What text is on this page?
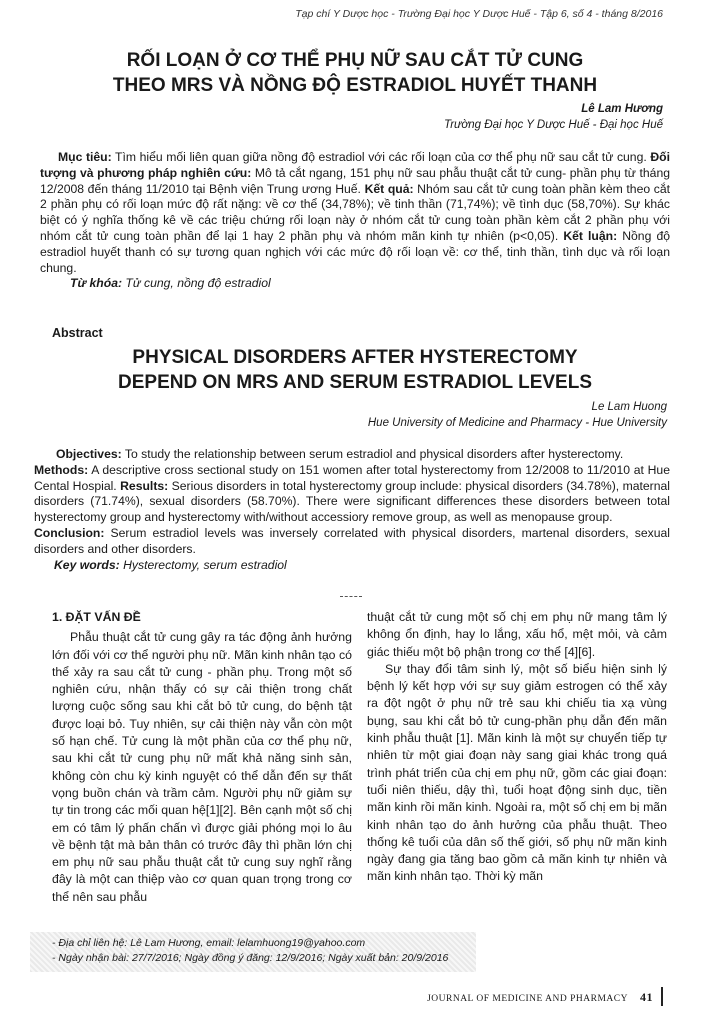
Tạp chí Y Dược học - Trường Đại học Y Dược Huế - Tập 6, số 4 - tháng 8/2016
RỐI LOẠN Ở CƠ THỂ PHỤ NỮ SAU CẮT TỬ CUNG
THEO MRS VÀ NỒNG ĐỘ ESTRADIOL HUYẾT THANH
Lê Lam Hương
Trường Đại học Y Dược Huế - Đại học Huế

Mục tiêu: Tìm hiểu mối liên quan giữa nồng độ estradiol với các rối loạn của cơ thể phụ nữ sau cắt tử cung. Đối tượng và phương pháp nghiên cứu: Mô tả cắt ngang, 151 phụ nữ sau phẫu thuật cắt tử cung- phần phụ từ tháng 12/2008 đến tháng 11/2010 tại Bệnh viện Trung ương Huế. Kết quả: Nhóm sau cắt tử cung toàn phần kèm theo cắt 2 phần phụ có rối loạn mức độ rất nặng: về cơ thể (34,78%); về tinh thần (71,74%); về tình dục (58,70%). Sự khác biệt có ý nghĩa thống kê về các triệu chứng rối loạn này ở nhóm cắt tử cung toàn phần kèm cắt 2 phần phụ với nhóm cắt tử cung toàn phần để lại 1 hay 2 phần phụ và nhóm mãn kinh tự nhiên (p<0,05). Kết luận: Nồng độ estradiol huyết thanh có sự tương quan nghịch với các mức độ rối loạn về: cơ thể, tinh thần, tình dục và rối loạn chung.

Từ khóa: Tử cung, nồng độ estradiol

Abstract
PHYSICAL DISORDERS AFTER HYSTERECTOMY
DEPEND ON MRS AND SERUM ESTRADIOL LEVELS
Le Lam Huong
Hue University of Medicine and Pharmacy - Hue University

Objectives: To study the relationship between serum estradiol and physical disorders after hysterectomy.

Methods: A descriptive cross sectional study on 151 women after total hysterectomy from 12/2008 to 11/2010 at Hue Cental Hospial. Results: Serious disorders in total hysterectomy group include: physical disorders (34.78%), maternal disorders (71.74%), sexual disorders (58.70%). There were significant differences these disorders between total hysterectomy group and hysterectomy with/without accessiory remove group, as well as menopause group.

Conclusion: Serum estradiol levels was inversely correlated with physical disorders, martenal disorders, sexual disorders and other disorders.

Key words: Hysterectomy, serum estradiol

1. ĐẶT VẤN ĐỀ

Phẫu thuật cắt tử cung gây ra tác động ảnh hưởng lớn đối với cơ thể người phụ nữ. Mãn kinh nhân tạo có thể xảy ra sau cắt tử cung - phần phụ. Trong một số nghiên cứu, nhận thấy có sự cải thiện trong chất lượng cuộc sống sau khi cắt bỏ tử cung, do bệnh tật được loại bỏ. Tuy nhiên, sự cải thiện này vẫn còn một số hạn chế. Tử cung là một phần của cơ thể phụ nữ, sau khi cắt tử cung phụ nữ mất khả năng sinh sản, không còn chu kỳ kinh nguyệt có thể dẫn đến sự thất vọng buồn chán và trầm cảm. Người phụ nữ giảm sự tự tin trong các mối quan hệ[1][2]. Bên cạnh một số chị em có tâm lý phấn chấn vì được giải phóng mọi lo âu về bệnh tật mà bản thân có trước đây thì phần lớn chị em phụ nữ sau phẫu thuật cắt tử cung suy nghĩ rằng đây là một can thiệp vào cơ quan quan trọng trong cơ thể nên sau phẫu

thuật cắt tử cung một số chị em phụ nữ mang tâm lý không ổn định, hay lo lắng, xấu hổ, mệt mỏi, và cảm giác thiếu một bộ phận trong cơ thể [4][6].

Sự thay đổi tâm sinh lý, một số biểu hiện sinh lý bệnh lý kết hợp với sự suy giảm estrogen có thể xảy ra đột ngột ở phụ nữ trẻ sau khi chiếu tia xạ vùng bụng, sau khi cắt bỏ tử cung-phần phụ dẫn đến mãn kinh phẫu thuật [1]. Mãn kinh là một sự chuyển tiếp tự nhiên từ một giai đoạn này sang giai khác trong quá trình phát triển của chị em phụ nữ, gồm các giai đoạn: tuổi niên thiếu, dậy thì, tuổi hoạt động sinh dục, tiền mãn kinh rồi mãn kinh. Ngoài ra, một số chị em bị mãn kinh nhân tạo do ảnh hưởng của phẫu thuật. Theo thống kê tuổi của dân số thế giới, số phụ nữ mãn kinh ngày đang gia tăng bao gồm cả mãn kinh tự nhiên và mãn kinh nhân tạo. Thời kỳ mãn

- Địa chỉ liên hệ: Lê Lam Hương, email: lelamhuong19@yahoo.com
- Ngày nhận bài: 27/7/2016; Ngày đồng ý đăng: 12/9/2016; Ngày xuất bản: 20/9/2016
JOURNAL OF MEDICINE AND PHARMACY 41
